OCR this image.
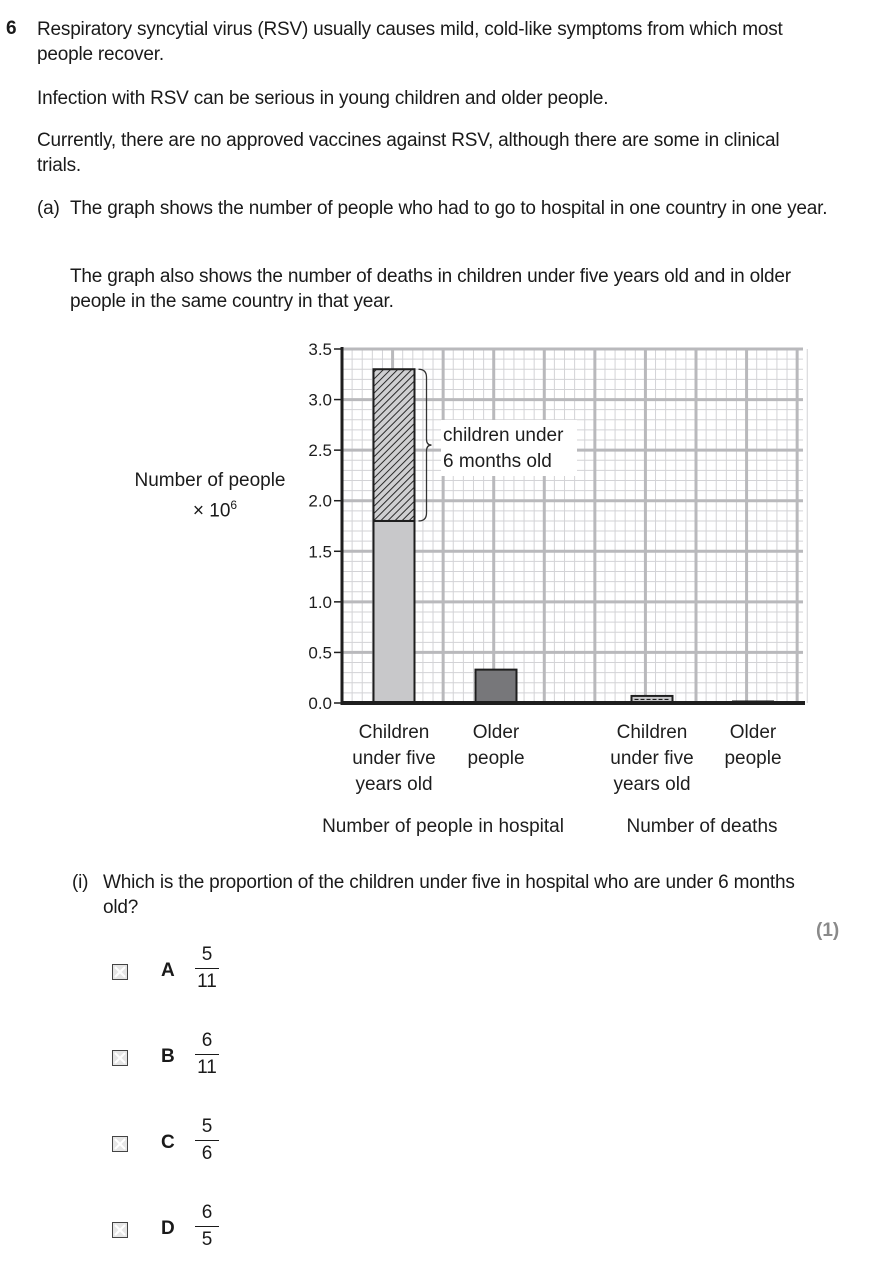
6 Respiratory syncytial virus (RSV) usually causes mild, cold-like symptoms from which most people recover.
Infection with RSV can be serious in young children and older people.
Currently, there are no approved vaccines against RSV, although there are some in clinical trials.
(a) The graph shows the number of people who had to go to hospital in one country in one year.
The graph also shows the number of deaths in children under five years old and in older people in the same country in that year.
Number of people
× $10^6$
0.0
0.5
1.0
1.5
2.0
2.5
3.0
3.5
children under
6 months old
Children
under five
years old
Older
people
Children
under five
years old
Older
people
Number of people in hospital	Number of deaths
(i) Which is the proportion of the children under five in hospital who are under 6 months old?
(1)
A
5
11
B
6
11
C
5
6
D
6
5
